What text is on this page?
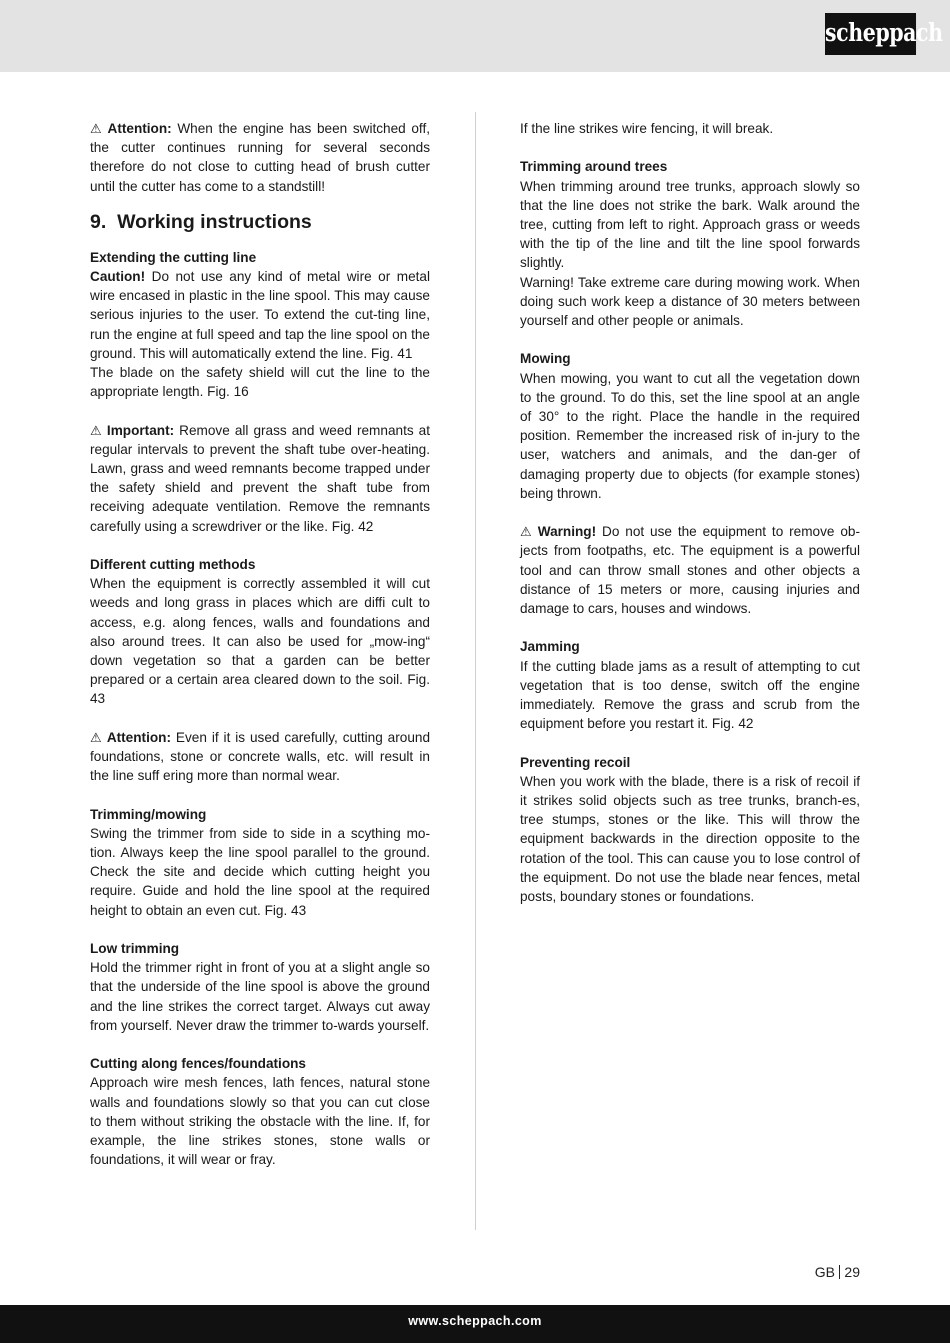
scheppach

⚠ Attention: When the engine has been switched off, the cutter continues running for several seconds therefore do not close to cutting head of brush cutter until the cutter has come to a standstill!

9. Working instructions

Extending the cutting line

Caution! Do not use any kind of metal wire or metal wire encased in plastic in the line spool. This may cause serious injuries to the user. To extend the cut-ting line, run the engine at full speed and tap the line spool on the ground. This will automatically extend the line. Fig. 41

The blade on the safety shield will cut the line to the appropriate length. Fig. 16

⚠ Important: Remove all grass and weed remnants at regular intervals to prevent the shaft tube over-heating. Lawn, grass and weed remnants become trapped under the safety shield and prevent the shaft tube from receiving adequate ventilation. Remove the remnants carefully using a screwdriver or the like. Fig. 42

Different cutting methods

When the equipment is correctly assembled it will cut weeds and long grass in places which are diffi cult to access, e.g. along fences, walls and foundations and also around trees. It can also be used for „mow-ing“ down vegetation so that a garden can be better prepared or a certain area cleared down to the soil. Fig. 43

⚠ Attention: Even if it is used carefully, cutting around foundations, stone or concrete walls, etc. will result in the line suff ering more than normal wear.

Trimming/mowing

Swing the trimmer from side to side in a scything mo-tion. Always keep the line spool parallel to the ground. Check the site and decide which cutting height you require. Guide and hold the line spool at the required height to obtain an even cut. Fig. 43

Low trimming

Hold the trimmer right in front of you at a slight angle so that the underside of the line spool is above the ground and the line strikes the correct target. Always cut away from yourself. Never draw the trimmer to-wards yourself.

Cutting along fences/foundations

Approach wire mesh fences, lath fences, natural stone walls and foundations slowly so that you can cut close to them without striking the obstacle with the line. If, for example, the line strikes stones, stone walls or foundations, it will wear or fray.

If the line strikes wire fencing, it will break.

Trimming around trees

When trimming around tree trunks, approach slowly so that the line does not strike the bark. Walk around the tree, cutting from left to right. Approach grass or weeds with the tip of the line and tilt the line spool forwards slightly.

Warning! Take extreme care during mowing work. When doing such work keep a distance of 30 meters between yourself and other people or animals.

Mowing

When mowing, you want to cut all the vegetation down to the ground. To do this, set the line spool at an angle of 30° to the right. Place the handle in the required position. Remember the increased risk of in-jury to the user, watchers and animals, and the dan-ger of damaging property due to objects (for example stones) being thrown.

⚠ Warning! Do not use the equipment to remove ob-jects from footpaths, etc. The equipment is a powerful tool and can throw small stones and other objects a distance of 15 meters or more, causing injuries and damage to cars, houses and windows.

Jamming

If the cutting blade jams as a result of attempting to cut vegetation that is too dense, switch off the engine immediately. Remove the grass and scrub from the equipment before you restart it. Fig. 42

Preventing recoil

When you work with the blade, there is a risk of recoil if it strikes solid objects such as tree trunks, branch-es, tree stumps, stones or the like. This will throw the equipment backwards in the direction opposite to the rotation of the tool. This can cause you to lose control of the equipment. Do not use the blade near fences, metal posts, boundary stones or foundations.

GB 29
www.scheppach.com
